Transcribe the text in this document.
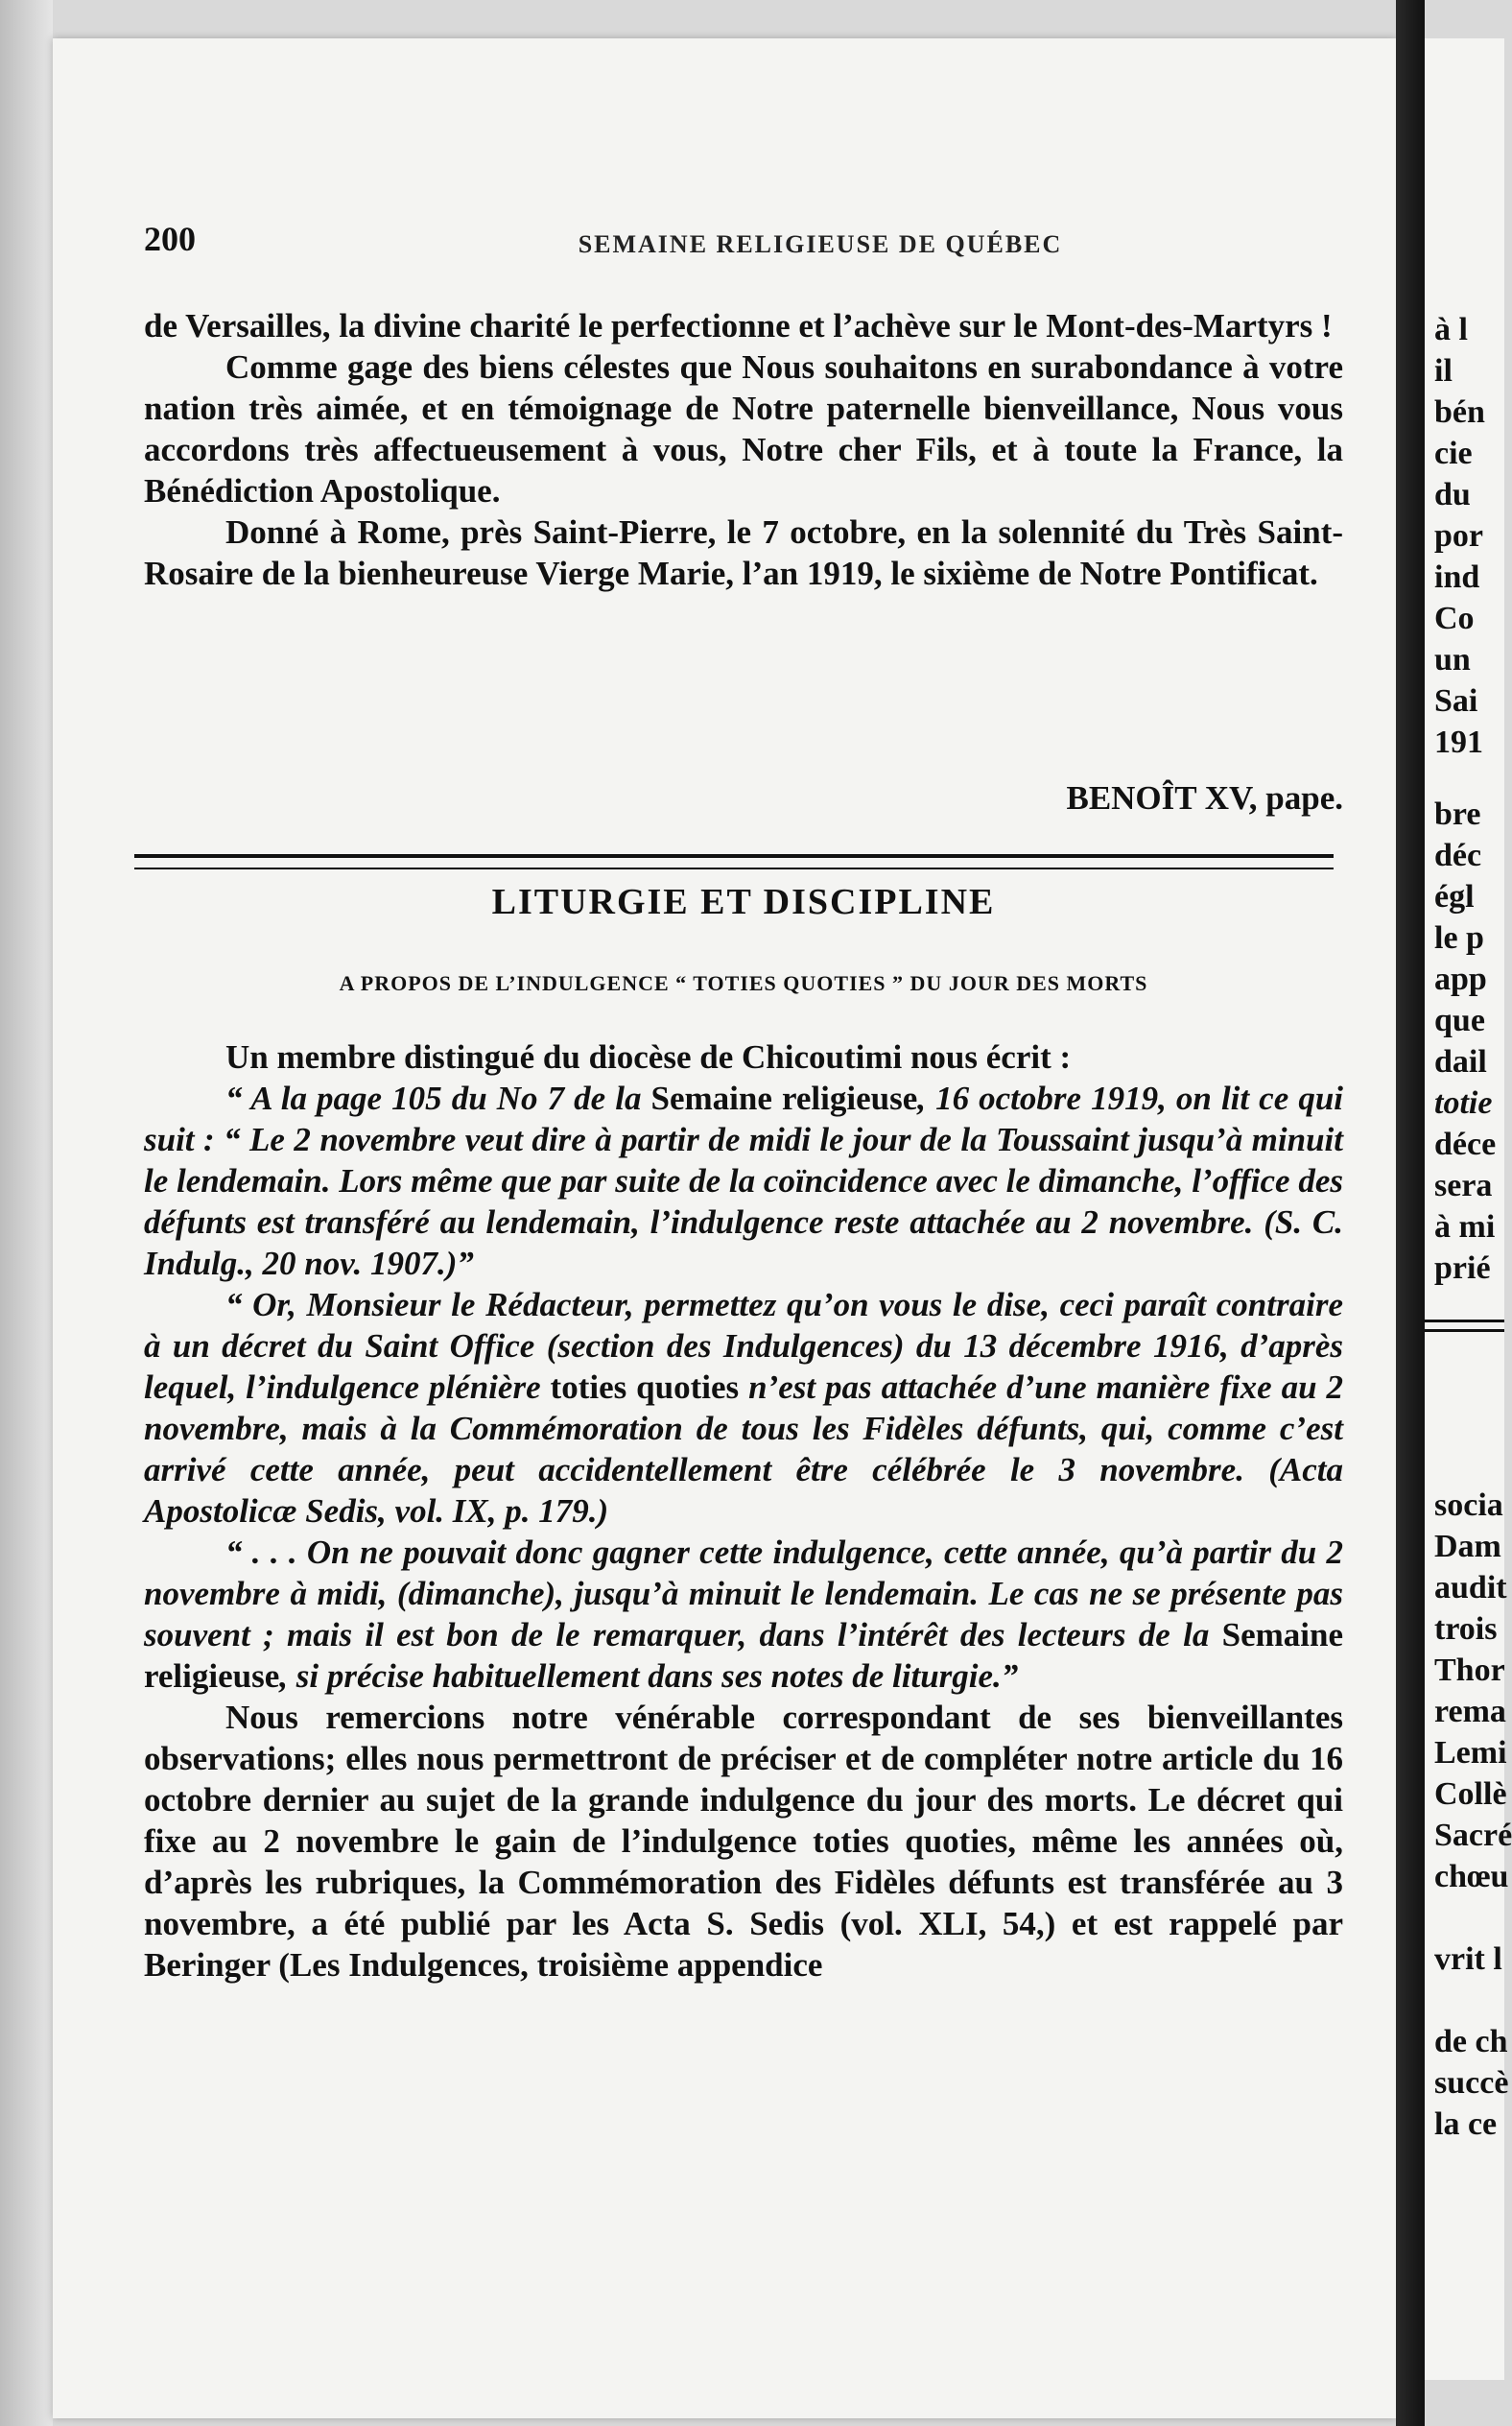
à l
il
bén
cie
du
por
ind
Co
un
Sai
191
bre
déc
égl
le p
app
que
dail
totie
déce
sera
à mi
prié
socia
Dam
audit
trois
Thor
rema
Lemi
Collè
Sacré
chœu
vrit l
de ch
succè
la ce
200	SEMAINE RELIGIEUSE DE QUÉBEC

de Versailles, la divine charité le perfectionne et l’achève sur le Mont-des-Martyrs !

Comme gage des biens célestes que Nous souhaitons en surabondance à votre nation très aimée, et en témoignage de Notre paternelle bienveillance, Nous vous accordons très affectueusement à vous, Notre cher Fils, et à toute la France, la Bénédiction Apostolique.

Donné à Rome, près Saint-Pierre, le 7 octobre, en la solennité du Très Saint-Rosaire de la bienheureuse Vierge Marie, l’an 1919, le sixième de Notre Pontificat.

BENOÎT XV, pape.
LITURGIE ET DISCIPLINE
A PROPOS DE L’INDULGENCE “ TOTIES QUOTIES ” DU JOUR DES MORTS

Un membre distingué du diocèse de Chicoutimi nous écrit :

“ A la page 105 du No 7 de la Semaine religieuse, 16 octobre 1919, on lit ce qui suit : “ Le 2 novembre veut dire à partir de midi le jour de la Toussaint jusqu’à minuit le lendemain. Lors même que par suite de la coïncidence avec le dimanche, l’office des défunts est transféré au lendemain, l’indulgence reste attachée au 2 novembre. (S. C. Indulg., 20 nov. 1907.)”

“ Or, Monsieur le Rédacteur, permettez qu’on vous le dise, ceci paraît contraire à un décret du Saint Office (section des Indulgences) du 13 décembre 1916, d’après lequel, l’indulgence plénière toties quoties n’est pas attachée d’une manière fixe au 2 novembre, mais à la Commémoration de tous les Fidèles défunts, qui, comme c’est arrivé cette année, peut accidentellement être célébrée le 3 novembre. (Acta Apostolicæ Sedis, vol. IX, p. 179.)

“ . . . On ne pouvait donc gagner cette indulgence, cette année, qu’à partir du 2 novembre à midi, (dimanche), jusqu’à minuit le lendemain. Le cas ne se présente pas souvent ; mais il est bon de le remarquer, dans l’intérêt des lecteurs de la Semaine religieuse, si précise habituellement dans ses notes de liturgie.”

Nous remercions notre vénérable correspondant de ses bienveillantes observations; elles nous permettront de préciser et de compléter notre article du 16 octobre dernier au sujet de la grande indulgence du jour des morts. Le décret qui fixe au 2 novembre le gain de l’indulgence toties quoties, même les années où, d’après les rubriques, la Commémoration des Fidèles défunts est transférée au 3 novembre, a été publié par les Acta S. Sedis (vol. XLI, 54,) et est rappelé par Beringer (Les Indulgences, troisième appendice
